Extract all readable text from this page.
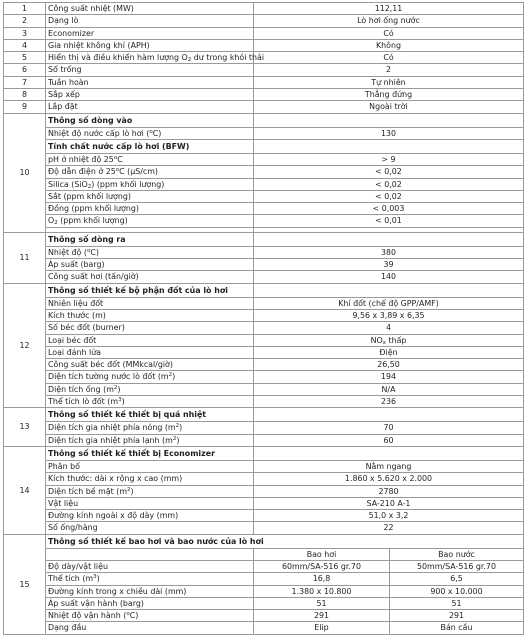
1	Công suất nhiệt (MW)	112,11	
2	Dạng lò	Lò hơi ống nước	
3	Economizer	Có	
4	Gia nhiệt không khí (APH)	Không	
5	Hiển thị và điều khiển hàm lượng $O_2$ dư trong khói thải	Có	
6	Số trống	2	
7	Tuần hoàn	Tự nhiên	
8	Sắp xếp	Thẳng đứng	
9	Lắp đặt	Ngoài trời	
10	Thông số dòng vào		
	Nhiệt độ nước cấp lò hơi ($^o$C)	130	
	Tính chất nước cấp lò hơi (BFW)		
	pH ở nhiệt độ $25^oC$	> 9	
	Độ dẫn điện ở 25$^o$C (μS/cm)	< 0,02	
	Silica (SiO$_2$) (ppm khối lượng)	< 0,02	
	Sắt (ppm khối lượng)	< 0,02	
	Đồng (ppm khối lượng)	< 0,003	
	$O_2$ (ppm khối lượng)	< 0,01	

11	Thông số dòng ra		
	Nhiệt độ ($^o$C)	380	
	Áp suất (barg)	39	
	Công suất hơi (tấn/giờ)	140	
12	Thông số thiết kế bộ phận đốt của lò hơi		
	Nhiên liệu đốt	Khí đốt (chế độ GPP/AMF)	
	Kích thước (m)	9,56 x 3,89 x 6,35	
	Số béc đốt (burner)	4	
	Loại béc đốt	$NO_x$ thấp	
	Loại đánh lửa	Điện	
	Công suất béc đốt (MMkcal/giờ)	26,50	
	Diện tích tường nước lò đốt $(m^2)$	194	
	Diện tích ống $(m^2)$	N/A	
	Thể tích lò đốt $(m^3)$	236	
13	Thông số thiết kế thiết bị quá nhiệt		
	Diện tích gia nhiệt phía nóng $(m^2)$	70	
	Diện tích gia nhiệt phía lạnh $(m^2)$	60	
14	Thông số thiết kế thiết bị Economizer		
	Phân bố	Nằm ngang	
	Kích thước: dài x rộng x cao (mm)	1.860 x 5.620 x 2.000	
	Diện tích bề mặt $(m^2)$	2780	
	Vật liệu	SA-210 A-1	
	Đường kính ngoài x độ dày (mm)	51,0 x 3,2	
	Số ống/hàng	22	
15	Thông số thiết kế bao hơi và bao nước của lò hơi		
		Bao hơi	Bao nước
	Độ dày/vật liệu	60mm/SA-516 gr.70	50mm/SA-516 gr.70
	Thể tích $(m^3)$	16,8	6,5
	Đường kính trong x chiều dài (mm)	1.380 x 10.800	900 x 10.000
	Áp suất vận hành (barg)	51	51
	Nhiệt độ vận hành ($^o$C)	291	291
	Dạng đầu	Elip	Bán cầu
